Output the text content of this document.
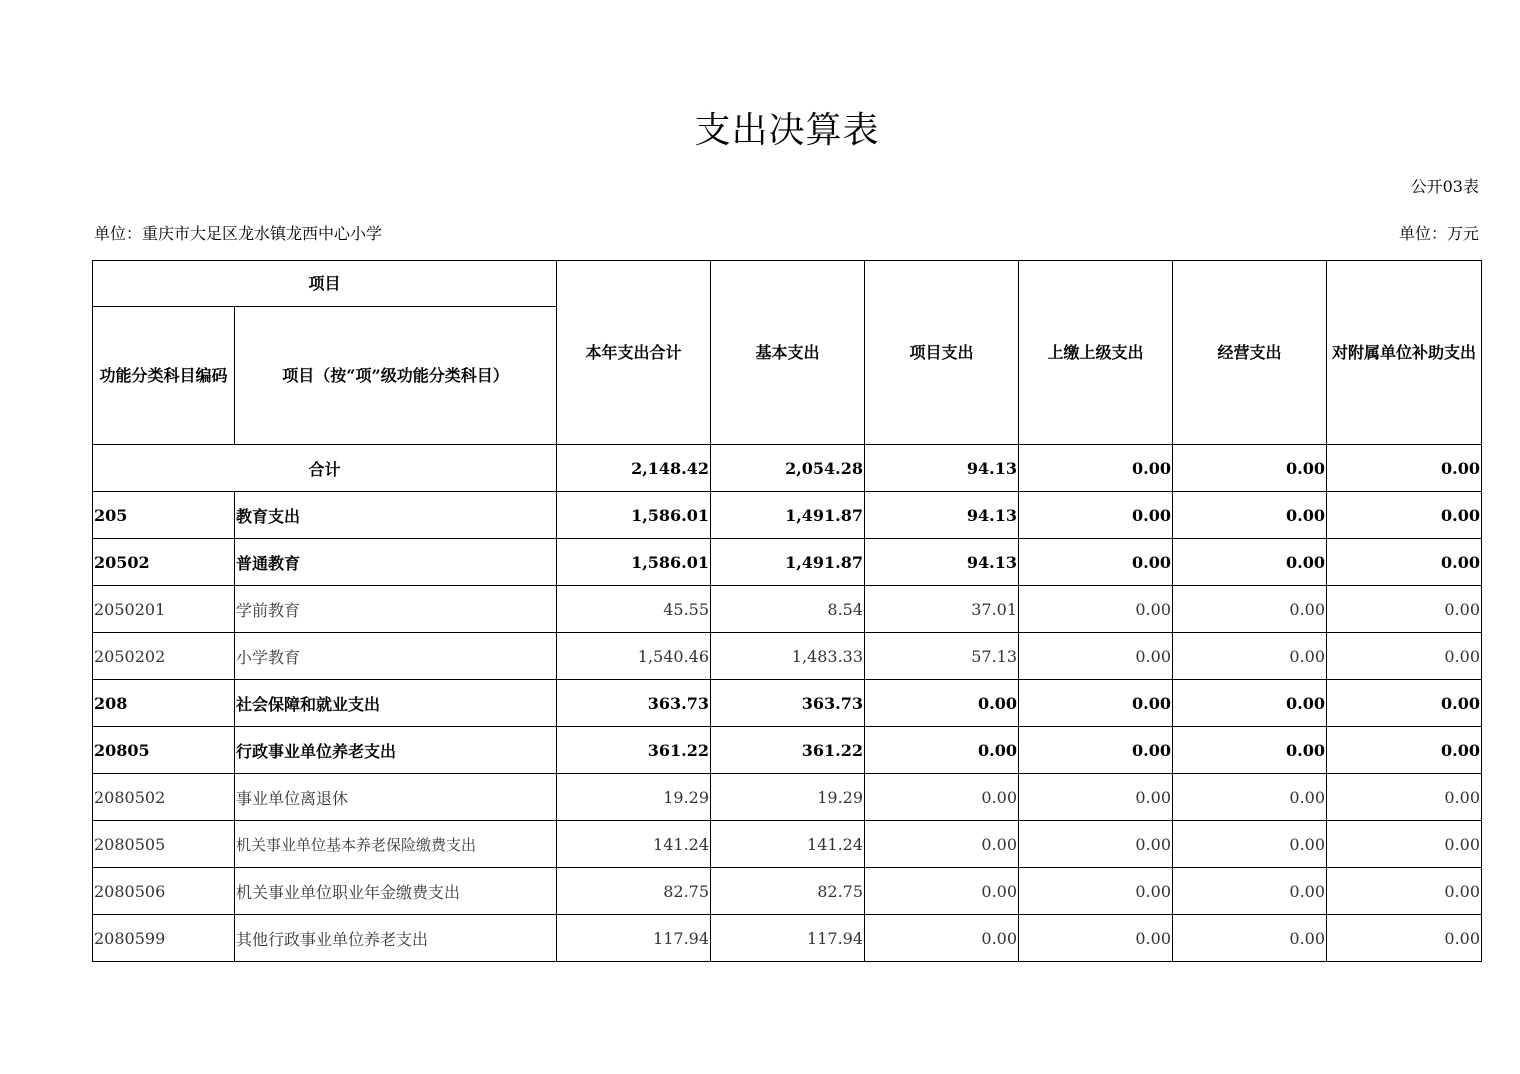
支出决算表
公开03表
单位：重庆市大足区龙水镇龙西中心小学	单位：万元
项目		本年支出合计	基本支出	项目支出	上缴上级支出	经营支出	对附属单位补助支出
功能分类科目编码	项目（按“项”级功能分类科目）						
合计		2,148.42	2,054.28	94.13	0.00	0.00	0.00
205	教育支出	1,586.01	1,491.87	94.13	0.00	0.00	0.00
20502	普通教育	1,586.01	1,491.87	94.13	0.00	0.00	0.00
2050201	学前教育	45.55	8.54	37.01	0.00	0.00	0.00
2050202	小学教育	1,540.46	1,483.33	57.13	0.00	0.00	0.00
208	社会保障和就业支出	363.73	363.73	0.00	0.00	0.00	0.00
20805	行政事业单位养老支出	361.22	361.22	0.00	0.00	0.00	0.00
2080502	事业单位离退休	19.29	19.29	0.00	0.00	0.00	0.00
2080505	机关事业单位基本养老保险缴费支出	141.24	141.24	0.00	0.00	0.00	0.00
2080506	机关事业单位职业年金缴费支出	82.75	82.75	0.00	0.00	0.00	0.00
2080599	其他行政事业单位养老支出	117.94	117.94	0.00	0.00	0.00	0.00
